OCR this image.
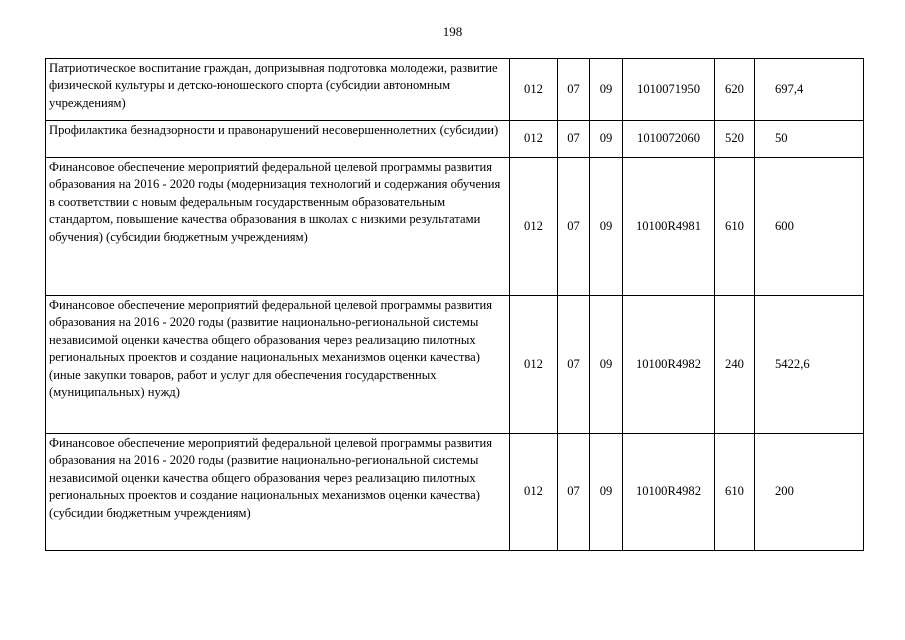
198
Патриотическое воспитание граждан, допризывная подготовка молодежи, развитие физической культуры и детско-юношеского спорта (субсидии автономным учреждениям)	012	07	09	1010071950	620	697,4
Профилактика безнадзорности и правонарушений несовершеннолетних (субсидии)	012	07	09	1010072060	520	50
Финансовое обеспечение мероприятий федеральной целевой программы развития образования на 2016 - 2020 годы (модернизация технологий и содержания обучения в соответствии с новым федеральным государственным образовательным стандартом, повышение качества образования в школах с низкими результатами обучения) (субсидии бюджетным учреждениям)	012	07	09	10100R4981	610	600
Финансовое обеспечение мероприятий федеральной целевой программы развития образования на 2016 - 2020 годы (развитие национально-региональной системы независимой оценки качества общего образования через реализацию пилотных региональных проектов и создание национальных механизмов оценки качества) (иные закупки товаров, работ и услуг для обеспечения государственных (муниципальных) нужд)	012	07	09	10100R4982	240	5422,6
Финансовое обеспечение мероприятий федеральной целевой программы развития образования на 2016 - 2020 годы (развитие национально-региональной системы независимой оценки качества общего образования через реализацию пилотных региональных проектов и создание национальных механизмов оценки качества) (субсидии бюджетным учреждениям)	012	07	09	10100R4982	610	200
